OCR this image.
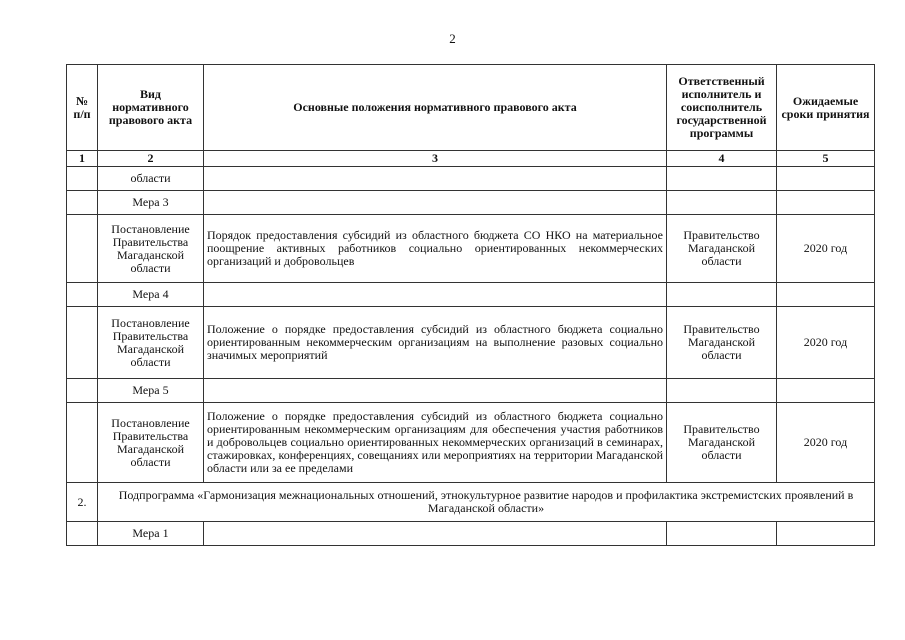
2
№ п/п	Вид нормативного правового акта	Основные положения нормативного правового акта	Ответственный исполнитель и соисполнитель государственной программы	Ожидаемые сроки принятия
1	2	3	4	5
	области			
	Мера 3			
	Постановление Правительства Магаданской области	Порядок предоставления субсидий из областного бюджета СО НКО на материальное поощрение активных работников социально ориентированных некоммерческих организаций и добровольцев	Правительство Магаданской области	2020 год
	Мера 4			
	Постановление Правительства Магаданской области	Положение о порядке предоставления субсидий из областного бюджета социально ориентированным некоммерческим организациям на выполнение разовых социально значимых мероприятий	Правительство Магаданской области	2020 год
	Мера 5			
	Постановление Правительства Магаданской области	Положение о порядке предоставления субсидий из областного бюджета социально ориентированным некоммерческим организациям для обеспечения участия работников и добровольцев социально ориентированных некоммерческих организаций в семинарах, стажировках, конференциях, совещаниях или мероприятиях на территории Магаданской области или за ее пределами	Правительство Магаданской области	2020 год
2.	Подпрограмма «Гармонизация межнациональных отношений, этнокультурное развитие народов и профилактика экстремистских проявлений в Магаданской области»			
	Мера 1			
